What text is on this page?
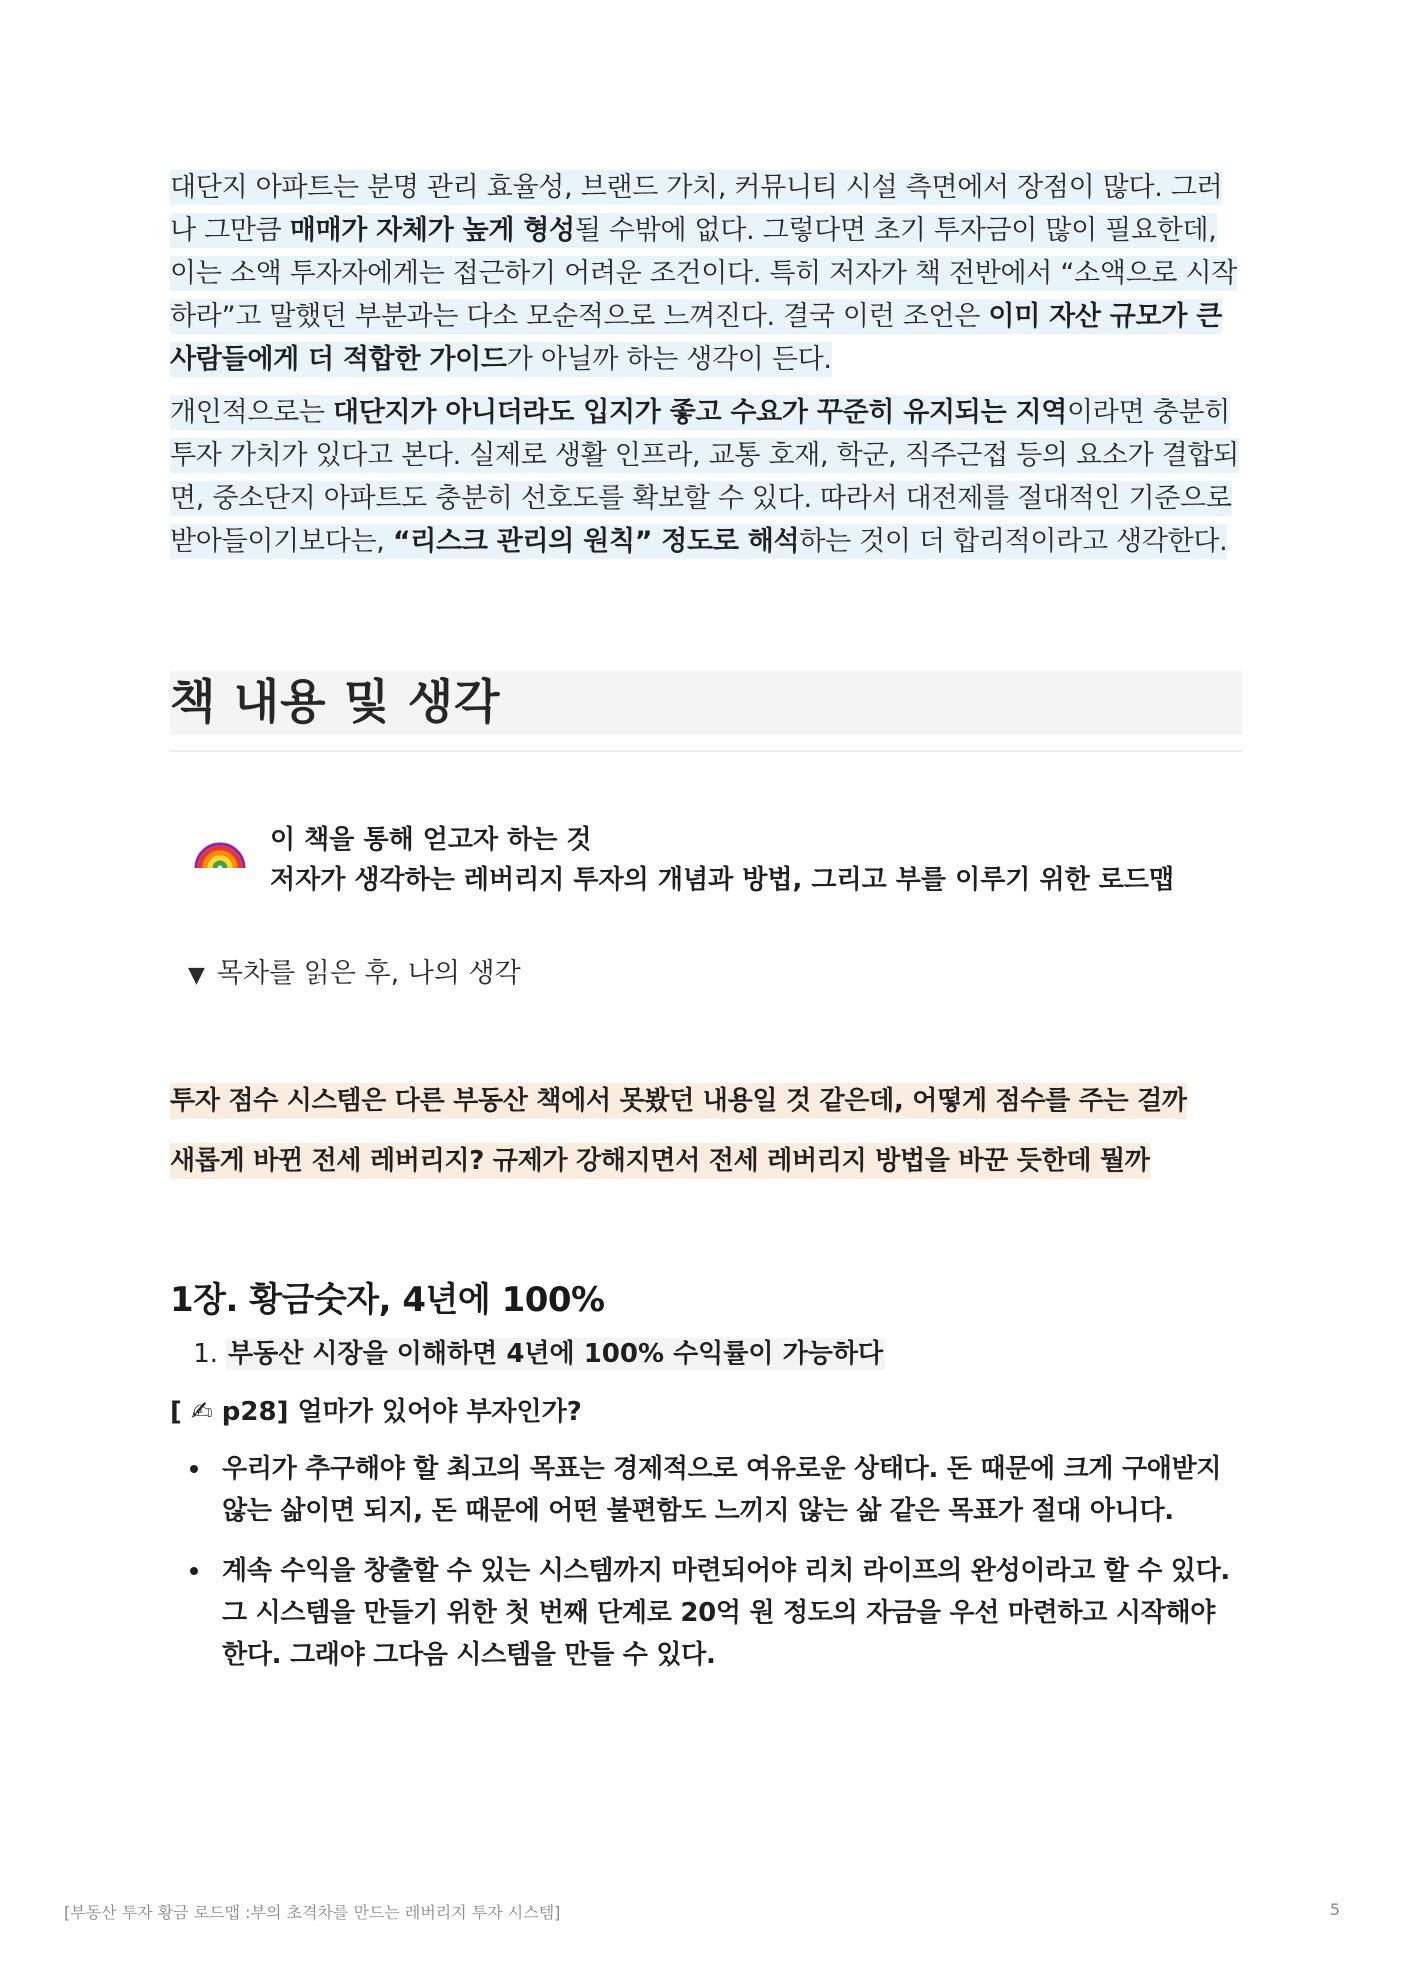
대단지 아파트는 분명 관리 효율성, 브랜드 가치, 커뮤니티 시설 측면에서 장점이 많다. 그러나 그만큼 매매가 자체가 높게 형성될 수밖에 없다. 그렇다면 초기 투자금이 많이 필요한데, 이는 소액 투자자에게는 접근하기 어려운 조건이다. 특히 저자가 책 전반에서 “소액으로 시작하라”고 말했던 부분과는 다소 모순적으로 느껴진다. 결국 이런 조언은 이미 자산 규모가 큰 사람들에게 더 적합한 가이드가 아닐까 하는 생각이 든다.

개인적으로는 대단지가 아니더라도 입지가 좋고 수요가 꾸준히 유지되는 지역이라면 충분히 투자 가치가 있다고 본다. 실제로 생활 인프라, 교통 호재, 학군, 직주근접 등의 요소가 결합되면, 중소단지 아파트도 충분히 선호도를 확보할 수 있다. 따라서 대전제를 절대적인 기준으로 받아들이기보다는, “리스크 관리의 원칙” 정도로 해석하는 것이 더 합리적이라고 생각한다.

책 내용 및 생각
이 책을 통해 얻고자 하는 것
저자가 생각하는 레버리지 투자의 개념과 방법, 그리고 부를 이루기 위한 로드맵
▼ 목차를 읽은 후, 나의 생각
투자 점수 시스템은 다른 부동산 책에서 못봤던 내용일 것 같은데, 어떻게 점수를 주는 걸까
새롭게 바뀐 전세 레버리지? 규제가 강해지면서 전세 레버리지 방법을 바꾼 듯한데 뭘까
1장. 황금숫자, 4년에 100%
1. 부동산 시장을 이해하면 4년에 100% 수익률이 가능하다
[ ✍ p28] 얼마가 있어야 부자인가?
우리가 추구해야 할 최고의 목표는 경제적으로 여유로운 상태다. 돈 때문에 크게 구애받지 않는 삶이면 되지, 돈 때문에 어떤 불편함도 느끼지 않는 삶 같은 목표가 절대 아니다.
계속 수익을 창출할 수 있는 시스템까지 마련되어야 리치 라이프의 완성이라고 할 수 있다. 그 시스템을 만들기 위한 첫 번째 단계로 20억 원 정도의 자금을 우선 마련하고 시작해야 한다. 그래야 그다음 시스템을 만들 수 있다.
[부동산 투자 황금 로드맵 :부의 초격차를 만드는 레버리지 투자 시스템]	5
